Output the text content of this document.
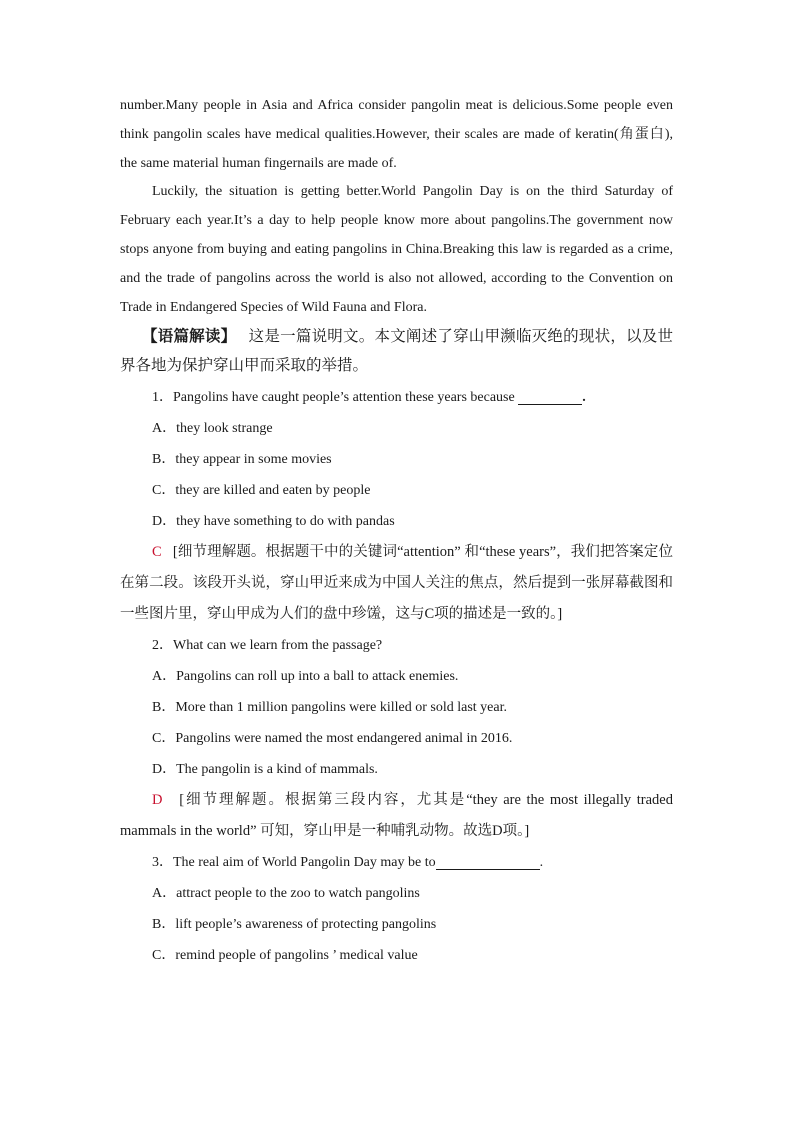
number.Many people in Asia and Africa consider pangolin meat is delicious.Some people even think pangolin scales have medical qualities.However, their scales are made of keratin(角蛋白), the same material human fingernails are made of.

Luckily, the situation is getting better.World Pangolin Day is on the third Saturday of February each year.It’s a day to help people know more about pangolins.The government now stops anyone from buying and eating pangolins in China.Breaking this law is regarded as a crime, and the trade of pangolins across the world is also not allowed, according to the Convention on Trade in Endangered Species of Wild Fauna and Flora.

【语篇解读】 这是一篇说明文。本文阐述了穿山甲濒临灭绝的现状，以及世界各地为保护穿山甲而采取的举措。

1．Pangolins have caught people’s attention these years because	.
A．they look strange
B．they appear in some movies
C．they are killed and eaten by people
D．they have something to do with pandas

C [细节理解题。根据题干中的关键词“attention” 和“these years”，我们把答案定位在第二段。该段开头说，穿山甲近来成为中国人关注的焦点，然后提到一张屏幕截图和一些图片里，穿山甲成为人们的盘中珍馐，这与C项的描述是一致的。]

2．What can we learn from the passage?
A．Pangolins can roll up into a ball to attack enemies.
B．More than 1 million pangolins were killed or sold last year.
C．Pangolins were named the most endangered animal in 2016.
D．The pangolin is a kind of mammals.

D [细节理解题。根据第三段内容，尤其是“they are the most illegally traded mammals in the world” 可知，穿山甲是一种哺乳动物。故选D项。]

3．The real aim of World Pangolin Day may be to	.
A．attract people to the zoo to watch pangolins
B．lift people’s awareness of protecting pangolins
C．remind people of pangolins ’ medical value
